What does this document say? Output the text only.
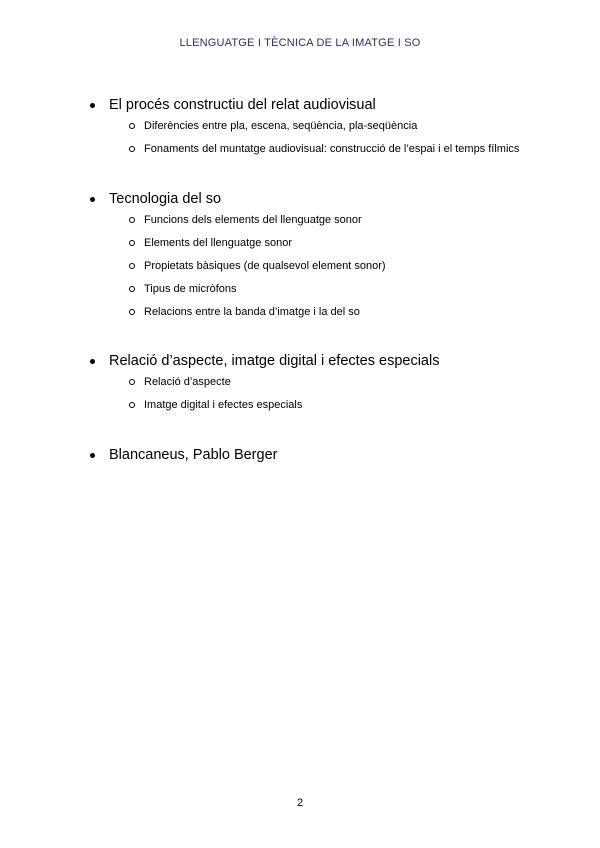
LLENGUATGE I TÈCNICA DE LA IMATGE I SO
El procés constructiu del relat audiovisual
Diferències entre pla, escena, seqüència, pla-seqüència
Fonaments del muntatge audiovisual: construcció de l’espai i el temps fílmics
Tecnologia del so
Funcions dels elements del llenguatge sonor
Elements del llenguatge sonor
Propietats bàsiques (de qualsevol element sonor)
Tipus de micròfons
Relacions entre la banda d’imatge i la del so
Relació d’aspecte, imatge digital i efectes especials
Relació d’aspecte
Imatge digital i efectes especials
Blancaneus, Pablo Berger
2
